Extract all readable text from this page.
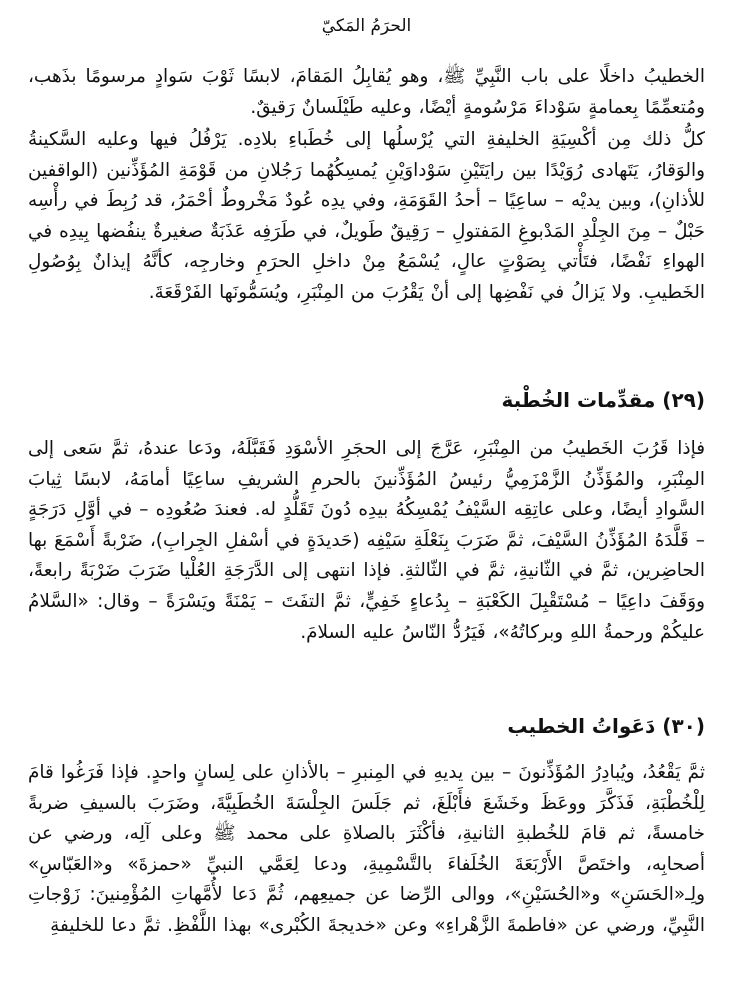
الحرَمُ المَكيّ

الخطيبُ داخلًا على باب النَّبِيِّ ﷺ، وهو يُقابِلُ المَقامَ، لابسًا ثَوْبَ سَوادٍ مرسومًا بذَهب، ومُتعمِّمًا بِعمامةٍ سَوْداءَ مَرْسُومةٍ أيْضًا، وعليه طَيْلَسانٌ رَقيقٌ.

كلُّ ذلك مِن أكْسِيَةِ الخليفةِ التي يُرْسلُها إلى خُطَباءِ بلادِه. يَرْفُلُ فيها وعليه السَّكينةُ والوَقارُ، يَتَهادى رُوَيْدًا بين رايَتَيْنِ سَوْداوَيْنِ يُمسِكُهُما رَجُلانِ من قَوْمَةِ المُؤَذِّنين (الواقفين للأذانِ)، وبين يديْه – ساعِيًا – أحدُ القَوَمَةِ، وفي يدِه عُودٌ مَخْروطٌ أحْمَرُ، قد رُبِطَ في رأْسِه حَبْلٌ – مِنَ الجِلْدِ المَدْبوغِ المَفتولِ – رَقِيقٌ طَويلٌ، في طَرَفِه عَذَبَةٌ صغيرةٌ ينفُضها بِيدِه في الهواءِ نَفْضًا، فتَأْتي بِصَوْتٍ عالٍ، يُسْمَعُ مِنْ داخلِ الحرَمِ وخارجِه، كأنَّهُ إيذانٌ بِوُصُولِ الخَطيبِ. ولا يَزالُ في نَفْضِها إلى أنْ يَقْرُبَ من المِنْبَرِ، ويُسَمُّونَها الفَرْقَعَةَ.

(٢٩) مقدِّمات الخُطْبة

فإذا قَرُبَ الخَطيبُ من المِنْبَرِ، عَرَّجَ إلى الحجَرِ الأسْوَدِ فَقَبَّلَهُ، ودَعا عندهُ، ثمَّ سَعى إلى المِنْبَرِ، والمُؤَذِّنُ الزَّمْزَمِيُّ رئيسُ المُؤَذِّنينَ بالحرمِ الشريفِ ساعِيًا أمامَهُ، لابسًا ثِيابَ السَّوادِ أيضًا، وعلى عاتِقِه السَّيْفُ يُمْسِكُهُ بيدِه دُونَ تَقَلُّدٍ له. فعندَ صُعُودِه – في أوَّلِ دَرَجَةٍ – قَلَّدَهُ المُؤَذِّنُ السَّيْفَ، ثمَّ ضَرَبَ بِنَعْلَةِ سَيْفِه (حَديدَةٍ في أسْفلِ الجِرابِ)، ضَرْبةً أَسْمَعَ بها الحاضِرين، ثمَّ في الثّانيةِ، ثمَّ في الثّالثةِ. فإذا انتهى إلى الدَّرَجَةِ العُلْيا ضَرَبَ ضَرْبَةً رابعةً، ووَقَفَ داعِيًا – مُسْتَقْبِلَ الكَعْبَةِ – بِدُعاءٍ خَفِيٍّ، ثمَّ التفَتَ – يَمْنَةً ويَسْرَةً – وقال: «السَّلامُ عليكُمْ ورحمةُ اللهِ وبركاتُهُ»، فَيَرُدُّ النّاسُ عليه السلامَ.

(٣٠) دَعَواتُ الخطيب

ثمَّ يَقْعُدُ، ويُبادِرُ المُؤَذِّنونَ – بين يديهِ في المِنبرِ – بالأذانِ على لِسانٍ واحدٍ. فإذا فَرَغُوا قامَ لِلْخُطْبَةِ، فَذَكَّرَ ووعَظَ وخَشَعَ فأَبْلَغَ، ثم جَلَسَ الجِلْسَةَ الخُطَبِيَّةَ، وضَرَبَ بالسيفِ ضربةً خامسةً، ثم قامَ للخُطبةِ الثانيةِ، فأكْثَرَ بالصلاةِ على محمد ﷺ وعلى آلِه، ورضي عن أصحابِه، واختَصَّ الأَرْبَعَةَ الخُلَفاءَ بالتَّسْمِيةِ، ودعا لِعَمَّي النبيِّ «حمزةَ» و«العَبّاسِ» ولِـ«الحَسَنِ» و«الحُسَيْنِ»، ووالى الرِّضا عن جميعِهم، ثُمَّ دَعا لأُمَّهاتِ المُؤْمِنينَ: زَوْجاتِ النَّبِيِّ، ورضي عن «فاطمةَ الزَّهْراءِ» وعن «خديجةَ الكُبْرى» بهذا اللَّفْظِ. ثمَّ دعا للخليفةِ
